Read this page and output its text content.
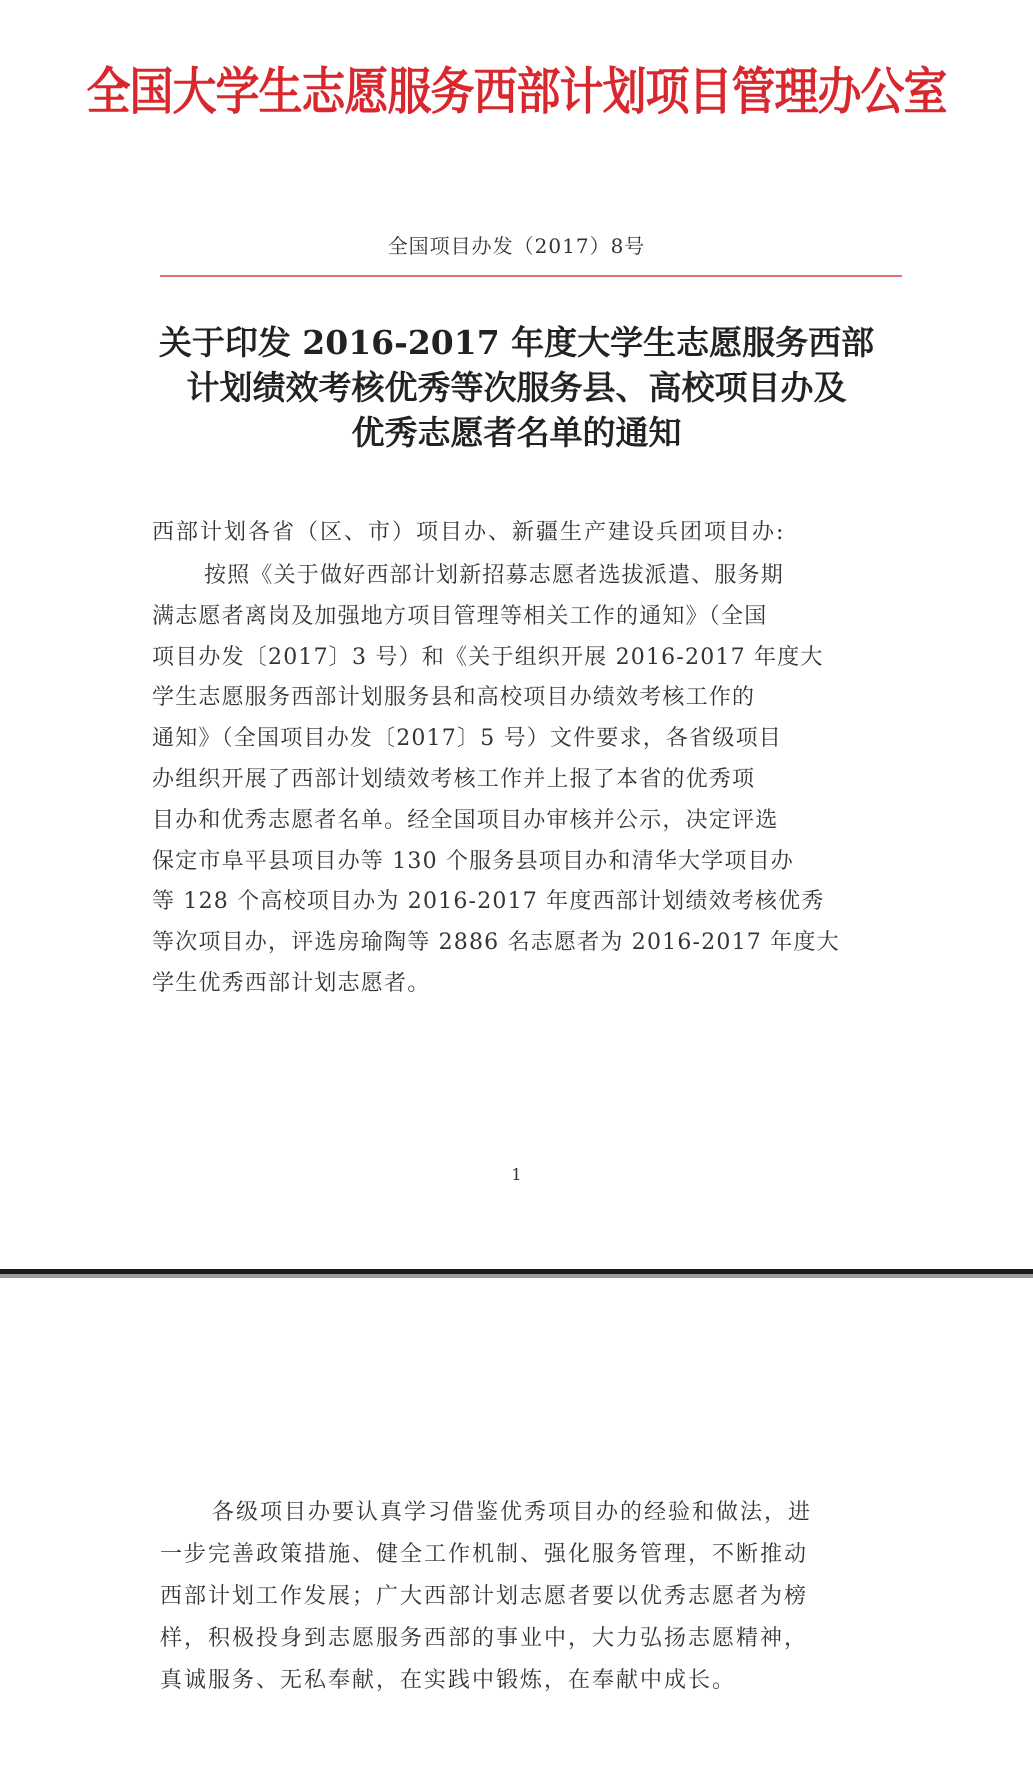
全国大学生志愿服务西部计划项目管理办公室
全国项目办发（2017）8号
关于印发 2016-2017 年度大学生志愿服务西部
计划绩效考核优秀等次服务县、高校项目办及
优秀志愿者名单的通知
西部计划各省（区、市）项目办、新疆生产建设兵团项目办:
按照《关于做好西部计划新招募志愿者选拔派遣、服务期
满志愿者离岗及加强地方项目管理等相关工作的通知》（全国
项目办发〔2017〕3 号）和《关于组织开展 2016-2017 年度大
学生志愿服务西部计划服务县和高校项目办绩效考核工作的
通知》（全国项目办发〔2017〕5 号）文件要求，各省级项目
办组织开展了西部计划绩效考核工作并上报了本省的优秀项
目办和优秀志愿者名单。经全国项目办审核并公示，决定评选
保定市阜平县项目办等 130 个服务县项目办和清华大学项目办
等 128 个高校项目办为 2016-2017 年度西部计划绩效考核优秀
等次项目办，评选房瑜陶等 2886 名志愿者为 2016-2017 年度大
学生优秀西部计划志愿者。
1
各级项目办要认真学习借鉴优秀项目办的经验和做法，进
一步完善政策措施、健全工作机制、强化服务管理，不断推动
西部计划工作发展；广大西部计划志愿者要以优秀志愿者为榜
样，积极投身到志愿服务西部的事业中，大力弘扬志愿精神，
真诚服务、无私奉献，在实践中锻炼，在奉献中成长。
